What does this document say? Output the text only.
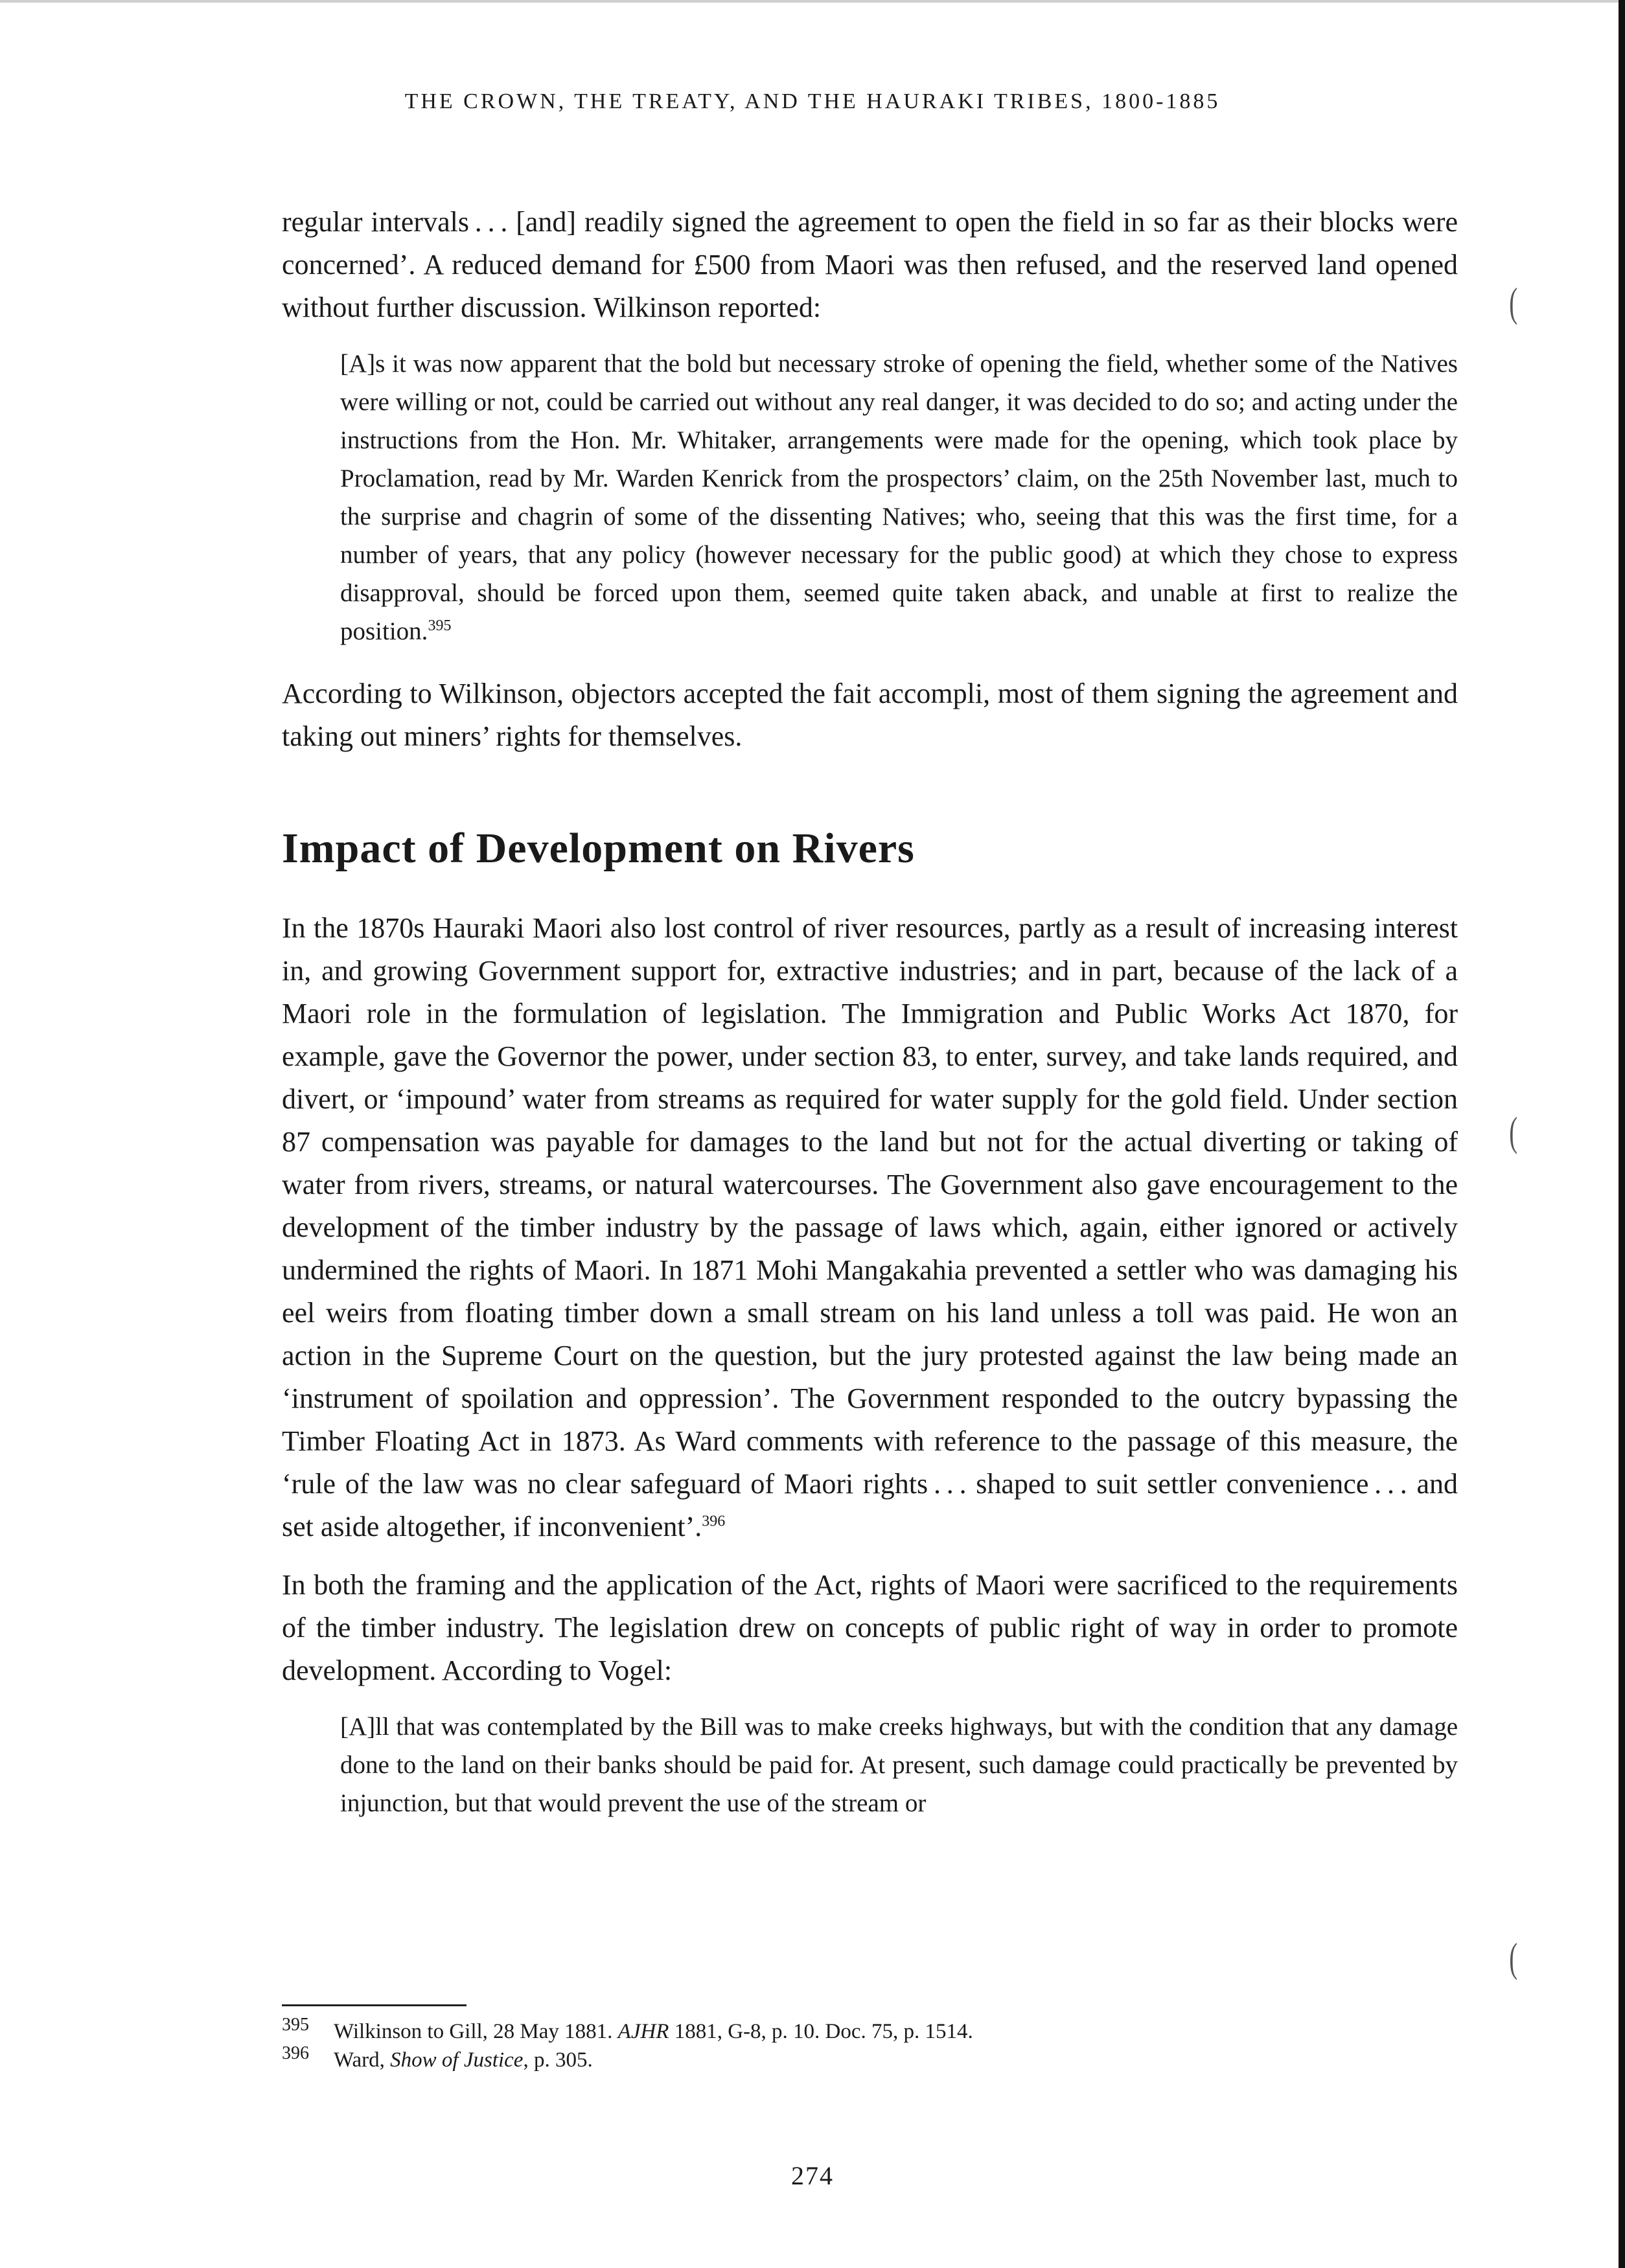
THE CROWN, THE TREATY, AND THE HAURAKI TRIBES, 1800-1885

regular intervals . . . [and] readily signed the agreement to open the field in so far as their blocks were concerned’. A reduced demand for £500 from Maori was then refused, and the reserved land opened without further discussion. Wilkinson reported:

[A]s it was now apparent that the bold but necessary stroke of opening the field, whether some of the Natives were willing or not, could be carried out without any real danger, it was decided to do so; and acting under the instructions from the Hon. Mr. Whitaker, arrangements were made for the opening, which took place by Proclamation, read by Mr. Warden Kenrick from the prospectors’ claim, on the 25th November last, much to the surprise and chagrin of some of the dissenting Natives; who, seeing that this was the first time, for a number of years, that any policy (however necessary for the public good) at which they chose to express disapproval, should be forced upon them, seemed quite taken aback, and unable at first to realize the position.$^{395}$

According to Wilkinson, objectors accepted the fait accompli, most of them signing the agreement and taking out miners’ rights for themselves.

Impact of Development on Rivers

In the 1870s Hauraki Maori also lost control of river resources, partly as a result of increasing interest in, and growing Government support for, extractive industries; and in part, because of the lack of a Maori role in the formulation of legislation. The Immigration and Public Works Act 1870, for example, gave the Governor the power, under section 83, to enter, survey, and take lands required, and divert, or ‘impound’ water from streams as required for water supply for the gold field. Under section 87 compensation was payable for damages to the land but not for the actual diverting or taking of water from rivers, streams, or natural watercourses. The Government also gave encouragement to the development of the timber industry by the passage of laws which, again, either ignored or actively undermined the rights of Maori. In 1871 Mohi Mangakahia prevented a settler who was damaging his eel weirs from floating timber down a small stream on his land unless a toll was paid. He won an action in the Supreme Court on the question, but the jury protested against the law being made an ‘instrument of spoilation and oppression’. The Government responded to the outcry bypassing the Timber Floating Act in 1873. As Ward comments with reference to the passage of this measure, the ‘rule of the law was no clear safeguard of Maori rights . . . shaped to suit settler convenience . . . and set aside altogether, if inconvenient’.$^{396}$

In both the framing and the application of the Act, rights of Maori were sacrificed to the requirements of the timber industry. The legislation drew on concepts of public right of way in order to promote development. According to Vogel:

[A]ll that was contemplated by the Bill was to make creeks highways, but with the condition that any damage done to the land on their banks should be paid for. At present, such damage could practically be prevented by injunction, but that would prevent the use of the stream or

(
(
(
395	Wilkinson to Gill, 28 May 1881. AJHR 1881, G-8, p. 10. Doc. 75, p. 1514.
396	Ward, Show of Justice, p. 305.
274
